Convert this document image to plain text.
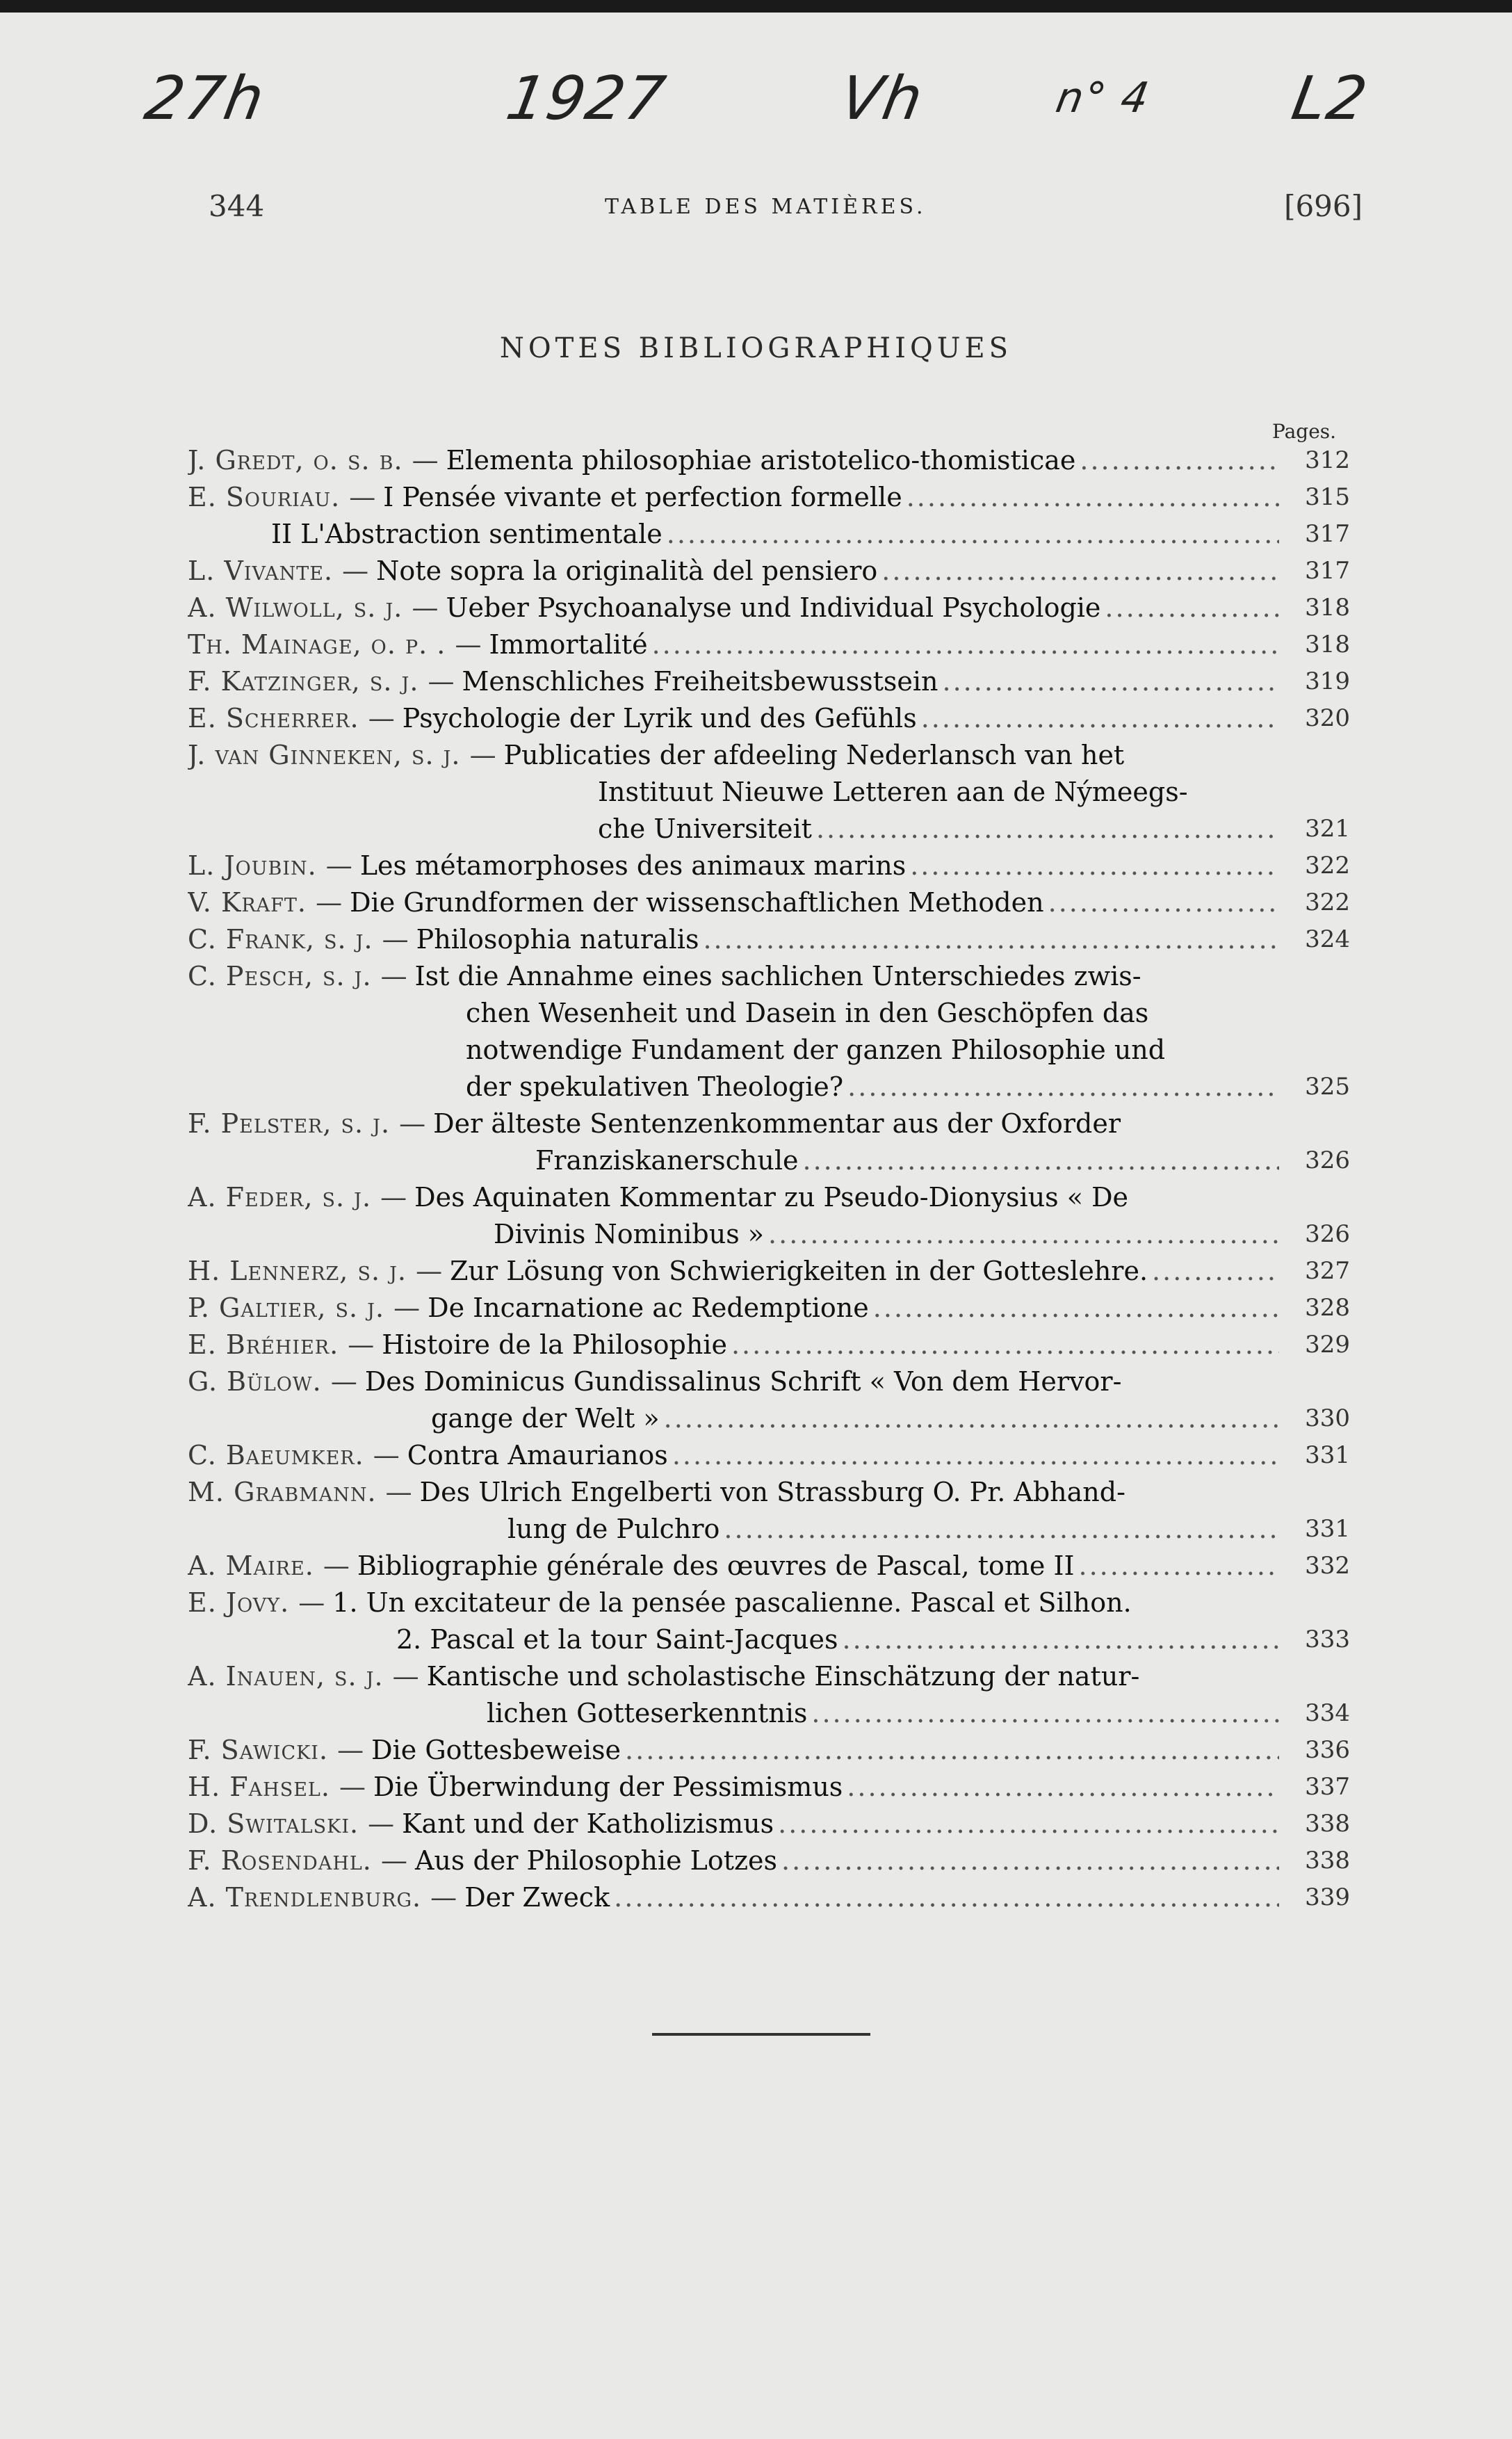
27h	1927	Vh	n° 4 L2
344	TABLE DES MATIÈRES.	[696]
NOTES BIBLIOGRAPHIQUES
Pages.
J. Gredt, o. s. b. — Elementa philosophiae aristotelico-thomisticae .....	312
E. Souriau. — I Pensée vivante et perfection formelle .....	315
II L'Abstraction sentimentale .....	317
L. Vivante. — Note sopra la originalità del pensiero .....	317
A. Wilwoll, s. j. — Ueber Psychoanalyse und Individual Psychologie .....	318
Th. Mainage, o. p. . — Immortalité .....	318
F. Katzinger, s. j. — Menschliches Freiheitsbewusstsein .....	319
E. Scherrer. — Psychologie der Lyrik und des Gefühls .....	320
J. van Ginneken, s. j. — Publicaties der afdeeling Nederlansch van het
Instituut Nieuwe Letteren aan de Nýmeegs-
che Universiteit .....	321
L. Joubin. — Les métamorphoses des animaux marins .....	322
V. Kraft. — Die Grundformen der wissenschaftlichen Methoden .....	322
C. Frank, s. j. — Philosophia naturalis .....	324
C. Pesch, s. j. — Ist die Annahme eines sachlichen Unterschiedes zwis-
chen Wesenheit und Dasein in den Geschöpfen das
notwendige Fundament der ganzen Philosophie und
der spekulativen Theologie? .....	325
F. Pelster, s. j. — Der älteste Sentenzenkommentar aus der Oxforder
Franziskanerschule .....	326
A. Feder, s. j. — Des Aquinaten Kommentar zu Pseudo-Dionysius « De
Divinis Nominibus » .....	326
H. Lennerz, s. j. — Zur Lösung von Schwierigkeiten in der Gotteslehre. .....	327
P. Galtier, s. j. — De Incarnatione ac Redemptione .....	328
E. Bréhier. — Histoire de la Philosophie .....	329
G. Bülow. — Des Dominicus Gundissalinus Schrift « Von dem Hervor-
gange der Welt » .....	330
C. Baeumker. — Contra Amaurianos .....	331
M. Grabmann. — Des Ulrich Engelberti von Strassburg O. Pr. Abhand-
lung de Pulchro .....	331
A. Maire. — Bibliographie générale des œuvres de Pascal, tome II .....	332
E. Jovy. — 1. Un excitateur de la pensée pascalienne. Pascal et Silhon.
2. Pascal et la tour Saint-Jacques .....	333
A. Inauen, s. j. — Kantische und scholastische Einschätzung der natur-
lichen Gotteserkenntnis .....	334
F. Sawicki. — Die Gottesbeweise .....	336
H. Fahsel. — Die Überwindung der Pessimismus .....	337
D. Switalski. — Kant und der Katholizismus .....	338
F. Rosendahl. — Aus der Philosophie Lotzes .....	338
A. Trendlenburg. — Der Zweck .....	339
